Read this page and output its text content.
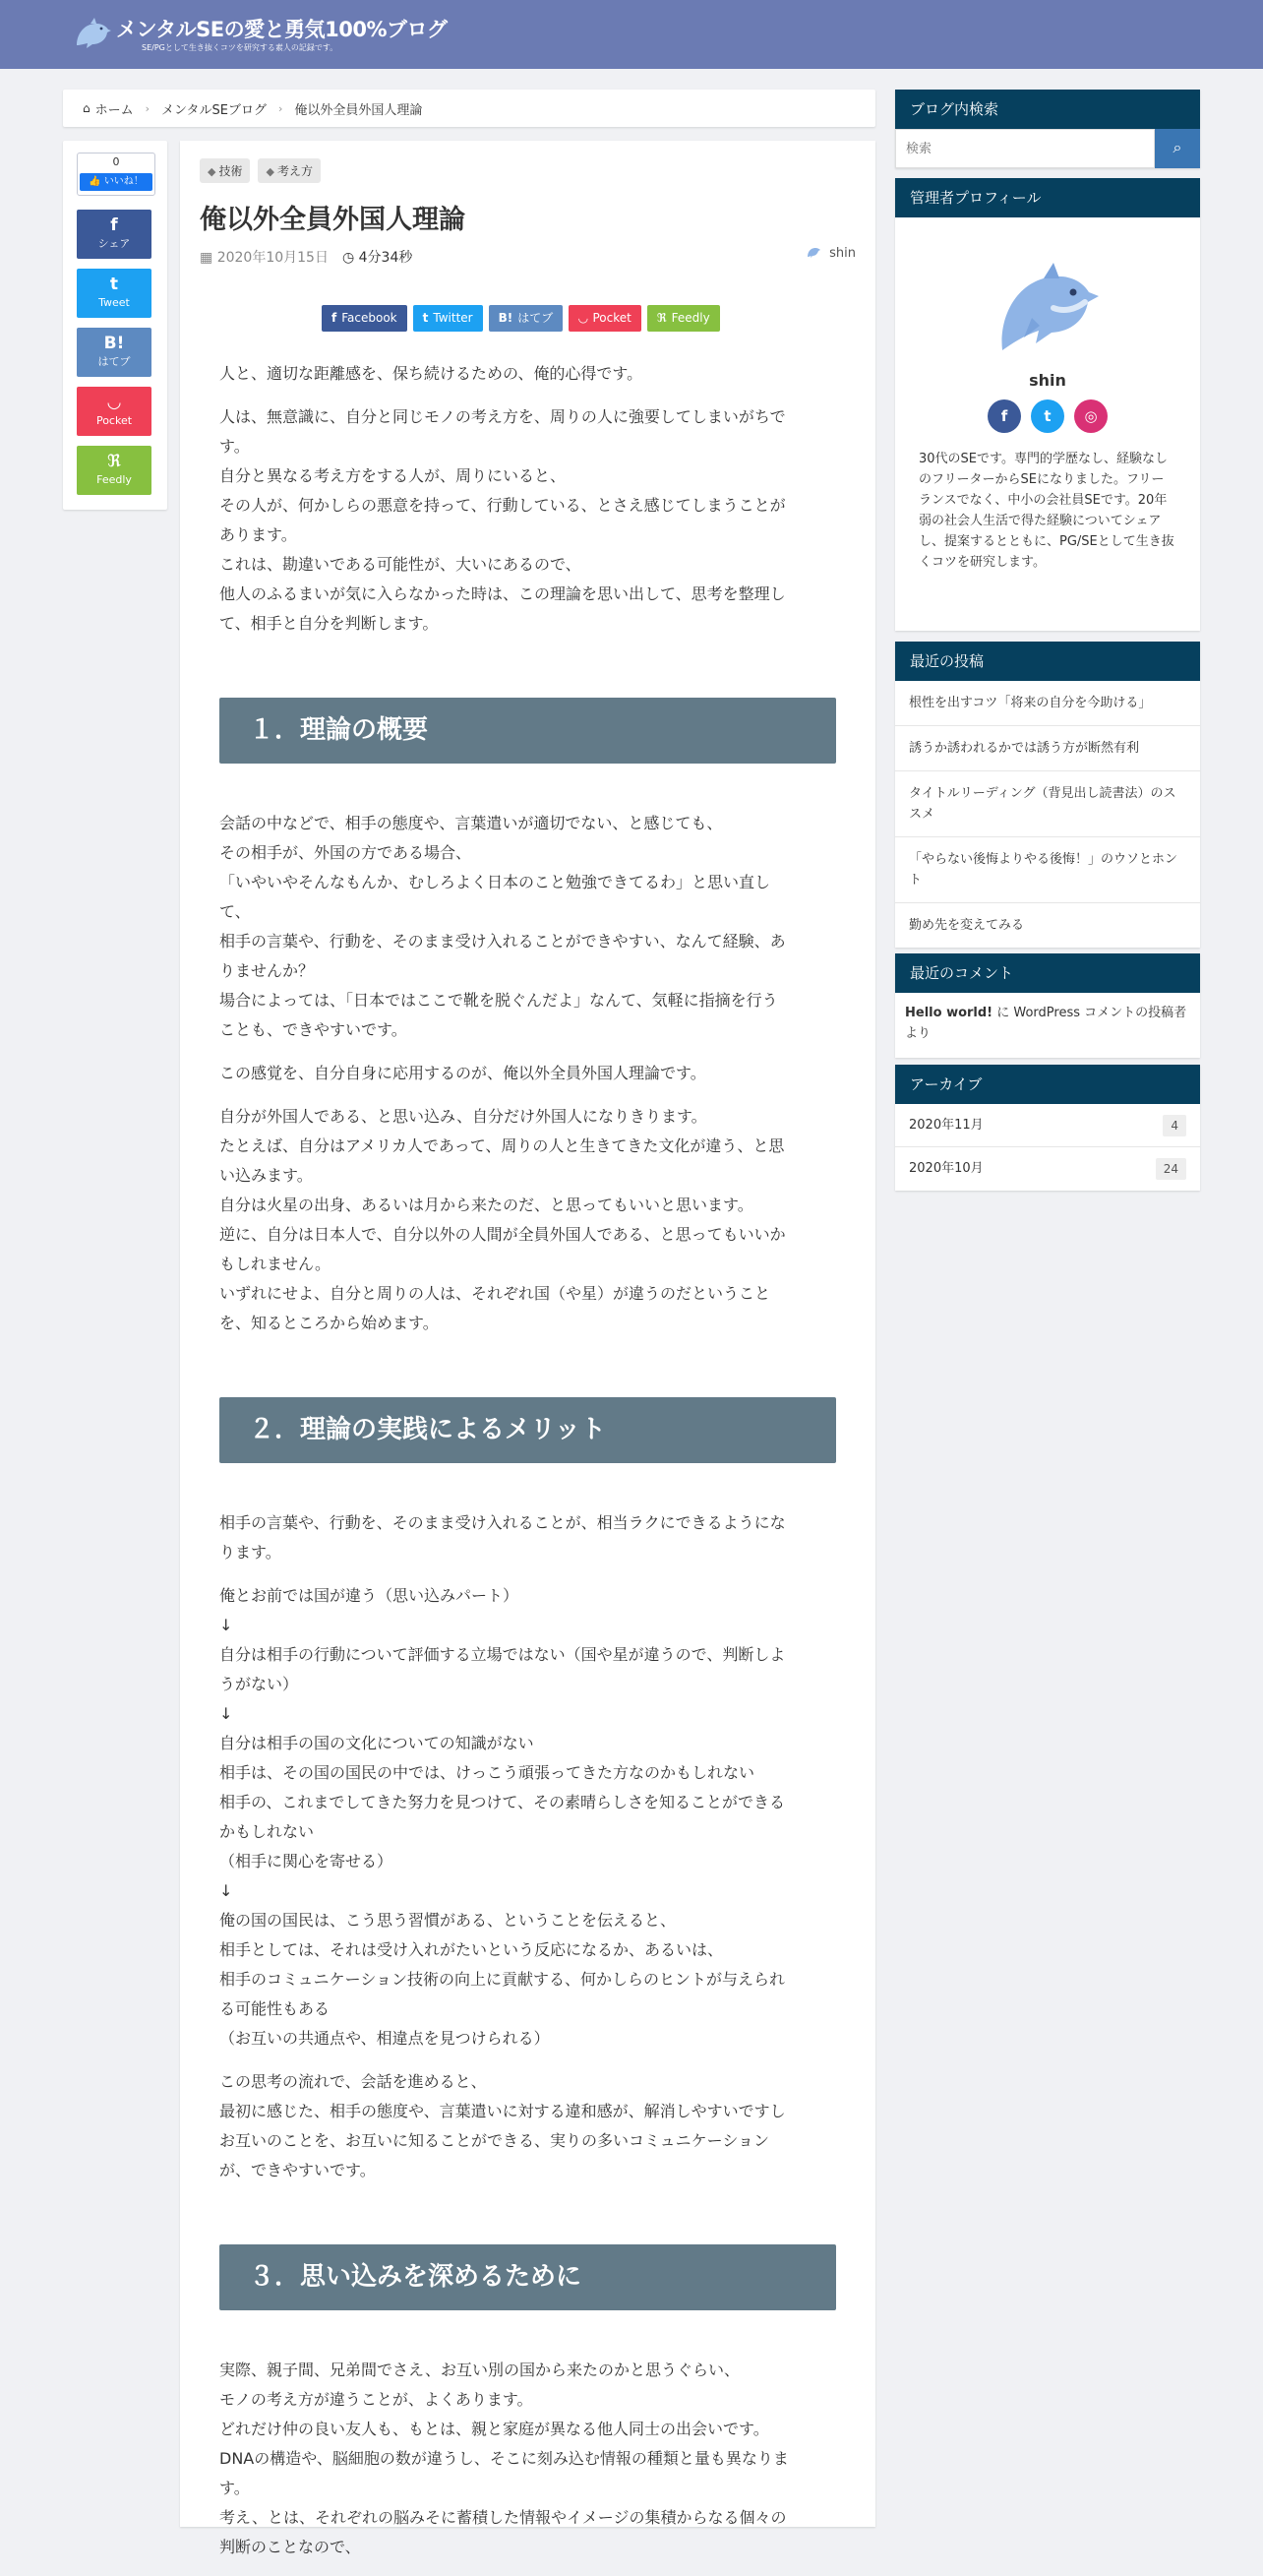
メンタルSEの愛と勇気100%ブログ
SE/PGとして生き抜くコツを研究する素人の記録です。
⌂ ホーム › メンタルSEブログ › 俺以外全員外国人理論
0
👍 いいね！
f
シェア
t
Tweet
B!
はてブ
◡
Pocket
ℜ
Feedly
◆ 技術	◆ 考え方
俺以外全員外国人理論
▦ 2020年10月15日 ◷ 4分34秒	shin
f Facebook	t Twitter	B! はてブ	◡ Pocket	ℜ Feedly
人と、適切な距離感を、保ち続けるための、俺的心得です。
人は、無意識に、自分と同じモノの考え方を、周りの人に強要してしまいがちで
す。
自分と異なる考え方をする人が、周りにいると、
その人が、何かしらの悪意を持って、行動している、とさえ感じてしまうことが
あります。
これは、勘違いである可能性が、大いにあるので、
他人のふるまいが気に入らなかった時は、この理論を思い出して、思考を整理し
て、相手と自分を判断します。
１．理論の概要
会話の中などで、相手の態度や、言葉遣いが適切でない、と感じても、
その相手が、外国の方である場合、
「いやいやそんなもんか、むしろよく日本のこと勉強できてるわ」と思い直し
て、
相手の言葉や、行動を、そのまま受け入れることができやすい、なんて経験、あ
りませんか？
場合によっては、「日本ではここで靴を脱ぐんだよ」なんて、気軽に指摘を行う
ことも、できやすいです。
この感覚を、自分自身に応用するのが、俺以外全員外国人理論です。
自分が外国人である、と思い込み、自分だけ外国人になりきります。
たとえば、自分はアメリカ人であって、周りの人と生きてきた文化が違う、と思
い込みます。
自分は火星の出身、あるいは月から来たのだ、と思ってもいいと思います。
逆に、自分は日本人で、自分以外の人間が全員外国人である、と思ってもいいか
もしれません。
いずれにせよ、自分と周りの人は、それぞれ国（や星）が違うのだということ
を、知るところから始めます。
２．理論の実践によるメリット
相手の言葉や、行動を、そのまま受け入れることが、相当ラクにできるようにな
ります。
俺とお前では国が違う（思い込みパート）
↓
自分は相手の行動について評価する立場ではない（国や星が違うので、判断しよ
うがない）
↓
自分は相手の国の文化についての知識がない
相手は、その国の国民の中では、けっこう頑張ってきた方なのかもしれない
相手の、これまでしてきた努力を見つけて、その素晴らしさを知ることができる
かもしれない
（相手に関心を寄せる）
↓
俺の国の国民は、こう思う習慣がある、ということを伝えると、
相手としては、それは受け入れがたいという反応になるか、あるいは、
相手のコミュニケーション技術の向上に貢献する、何かしらのヒントが与えられ
る可能性もある
（お互いの共通点や、相違点を見つけられる）
この思考の流れで、会話を進めると、
最初に感じた、相手の態度や、言葉遣いに対する違和感が、解消しやすいですし
お互いのことを、お互いに知ることができる、実りの多いコミュニケーション
が、できやすいです。
３．思い込みを深めるために
実際、親子間、兄弟間でさえ、お互い別の国から来たのかと思うぐらい、
モノの考え方が違うことが、よくあります。
どれだけ仲の良い友人も、もとは、親と家庭が異なる他人同士の出会いです。
DNAの構造や、脳細胞の数が違うし、そこに刻み込む情報の種類と量も異なりま
す。
考え、とは、それぞれの脳みそに蓄積した情報やイメージの集積からなる個々の
判断のことなので、
ブログ内検索
検索
⌕
管理者プロフィール
shin
f	t	◎
30代のSEです。専門的学歴なし、経験なしのフリーターからSEになりました。フリーランスでなく、中小の会社員SEです。20年弱の社会人生活で得た経験についてシェアし、提案するとともに、PG/SEとして生き抜くコツを研究します。
最近の投稿
根性を出すコツ「将来の自分を今助ける」
誘うか誘われるかでは誘う方が断然有利
タイトルリーディング（背見出し読書法）のススメ
「やらない後悔よりやる後悔！」のウソとホント
勤め先を変えてみる
最近のコメント
Hello world! に WordPress コメントの投稿者 より
アーカイブ
2020年11月	4
2020年10月	24
